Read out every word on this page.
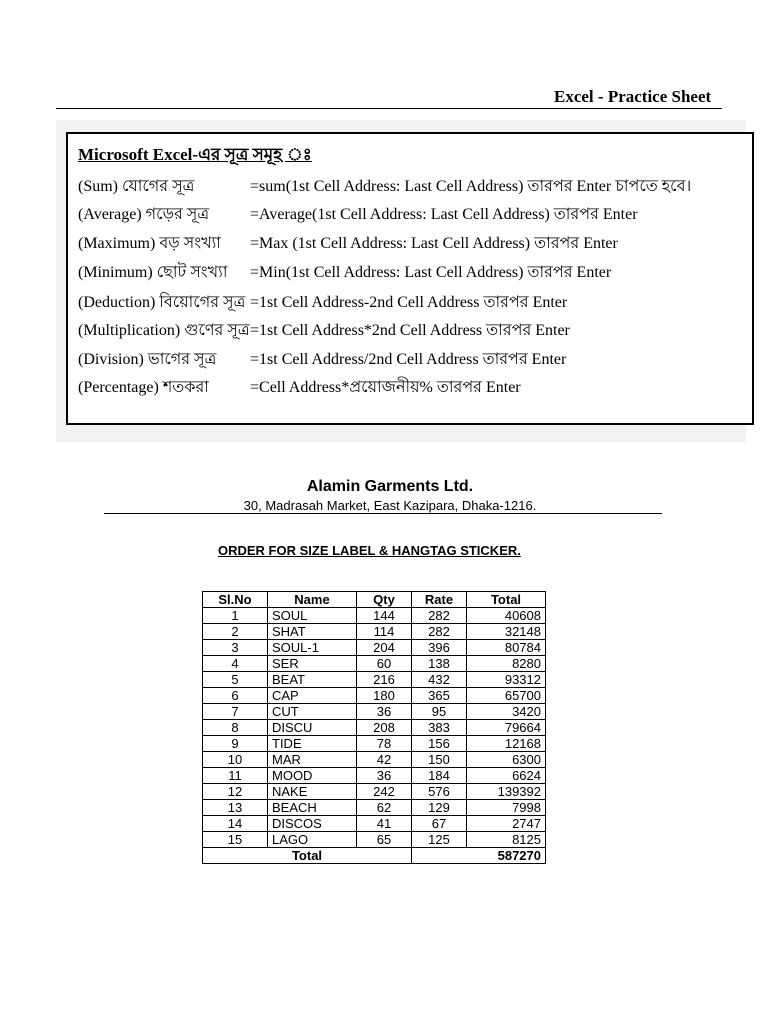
Excel - Practice Sheet
Microsoft Excel-এর সূত্র সমূহ ঃ
(Sum) যোগের সূত্র	=sum(1st Cell Address: Last Cell Address) তারপর Enter চাপতে হবে।
(Average) গড়ের সূত্র	=Average(1st Cell Address: Last Cell Address) তারপর Enter
(Maximum) বড় সংখ্যা =Max (1st Cell Address: Last Cell Address) তারপর Enter
(Minimum) ছোট সংখ্যা =Min(1st Cell Address: Last Cell Address) তারপর Enter
(Deduction) বিয়োগের সূত্র =1st Cell Address-2nd Cell Address তারপর Enter
(Multiplication) গুণের সূত্র =1st Cell Address*2nd Cell Address তারপর Enter
(Division) ভাগের সূত্র =1st Cell Address/2nd Cell Address তারপর Enter
(Percentage) শতকরা	=Cell Address*প্রয়োজনীয়% তারপর Enter
Alamin Garments Ltd.
30, Madrasah Market, East Kazipara, Dhaka-1216.
ORDER FOR SIZE LABEL & HANGTAG STICKER.
Sl.No	Name	Qty	Rate	Total
1	SOUL	144	282	40608
2	SHAT	114	282	32148
3	SOUL-1	204	396	80784
4	SER	60	138	8280
5	BEAT	216	432	93312
6	CAP	180	365	65700
7	CUT	36	95	3420
8	DISCU	208	383	79664
9	TIDE	78	156	12168
10	MAR	42	150	6300
11	MOOD	36	184	6624
12	NAKE	242	576	139392
13	BEACH	62	129	7998
14	DISCOS	41	67	2747
15	LAGO	65	125	8125
Total			587270	
